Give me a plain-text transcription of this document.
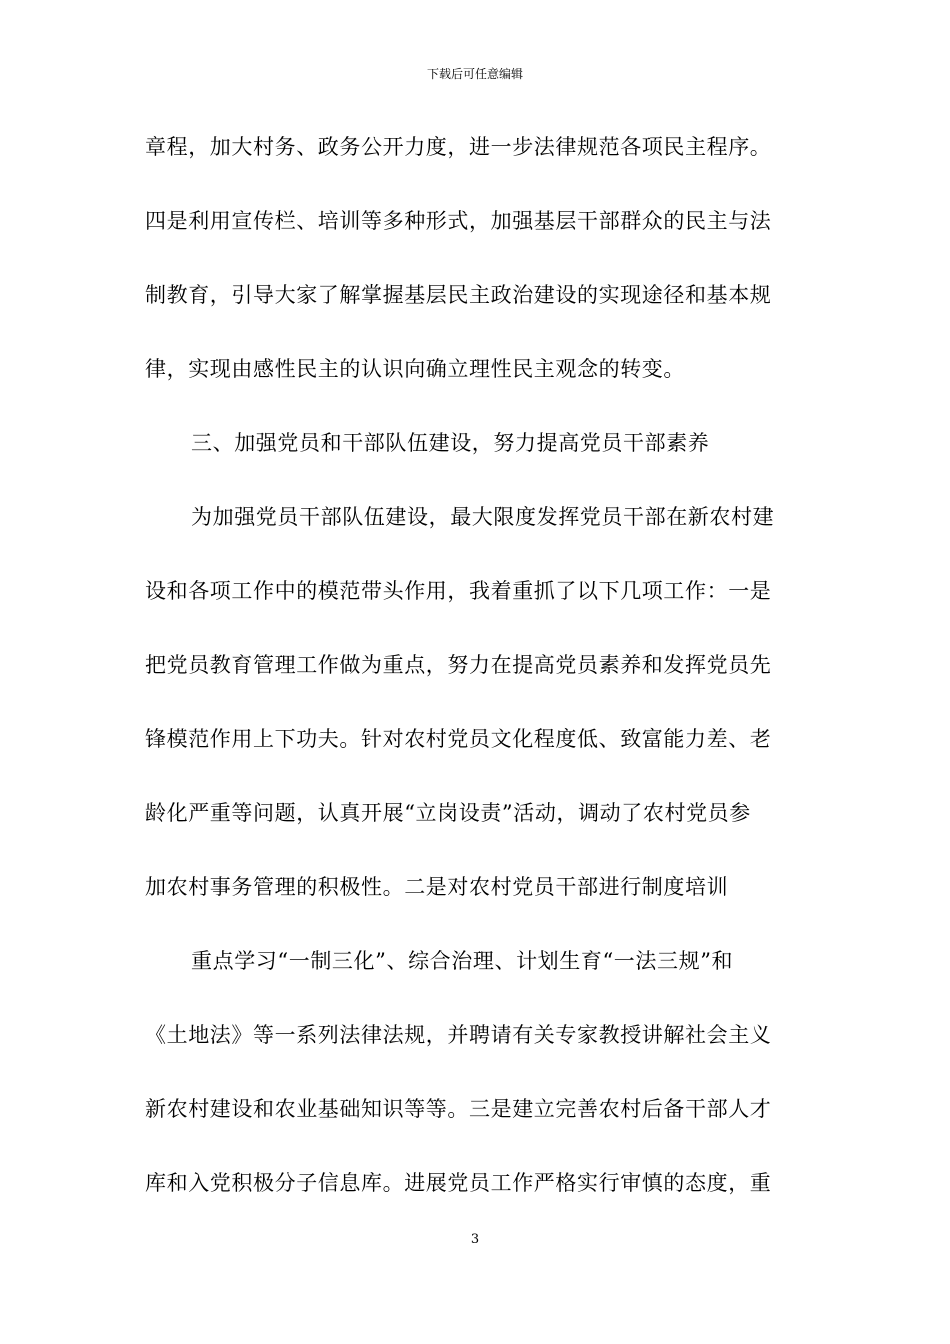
下载后可任意编辑
章程，加大村务、政务公开力度，进一步法律规范各项民主程序。
四是利用宣传栏、培训等多种形式，加强基层干部群众的民主与法
制教育，引导大家了解掌握基层民主政治建设的实现途径和基本规
律，实现由感性民主的认识向确立理性民主观念的转变。
三、加强党员和干部队伍建设，努力提高党员干部素养
为加强党员干部队伍建设，最大限度发挥党员干部在新农村建
设和各项工作中的模范带头作用，我着重抓了以下几项工作：一是
把党员教育管理工作做为重点，努力在提高党员素养和发挥党员先
锋模范作用上下功夫。针对农村党员文化程度低、致富能力差、老
龄化严重等问题，认真开展“立岗设责”活动，调动了农村党员参
加农村事务管理的积极性。二是对农村党员干部进行制度培训
重点学习“一制三化”、综合治理、计划生育“一法三规”和
《土地法》等一系列法律法规，并聘请有关专家教授讲解社会主义
新农村建设和农业基础知识等等。三是建立完善农村后备干部人才
库和入党积极分子信息库。进展党员工作严格实行审慎的态度，重
3
